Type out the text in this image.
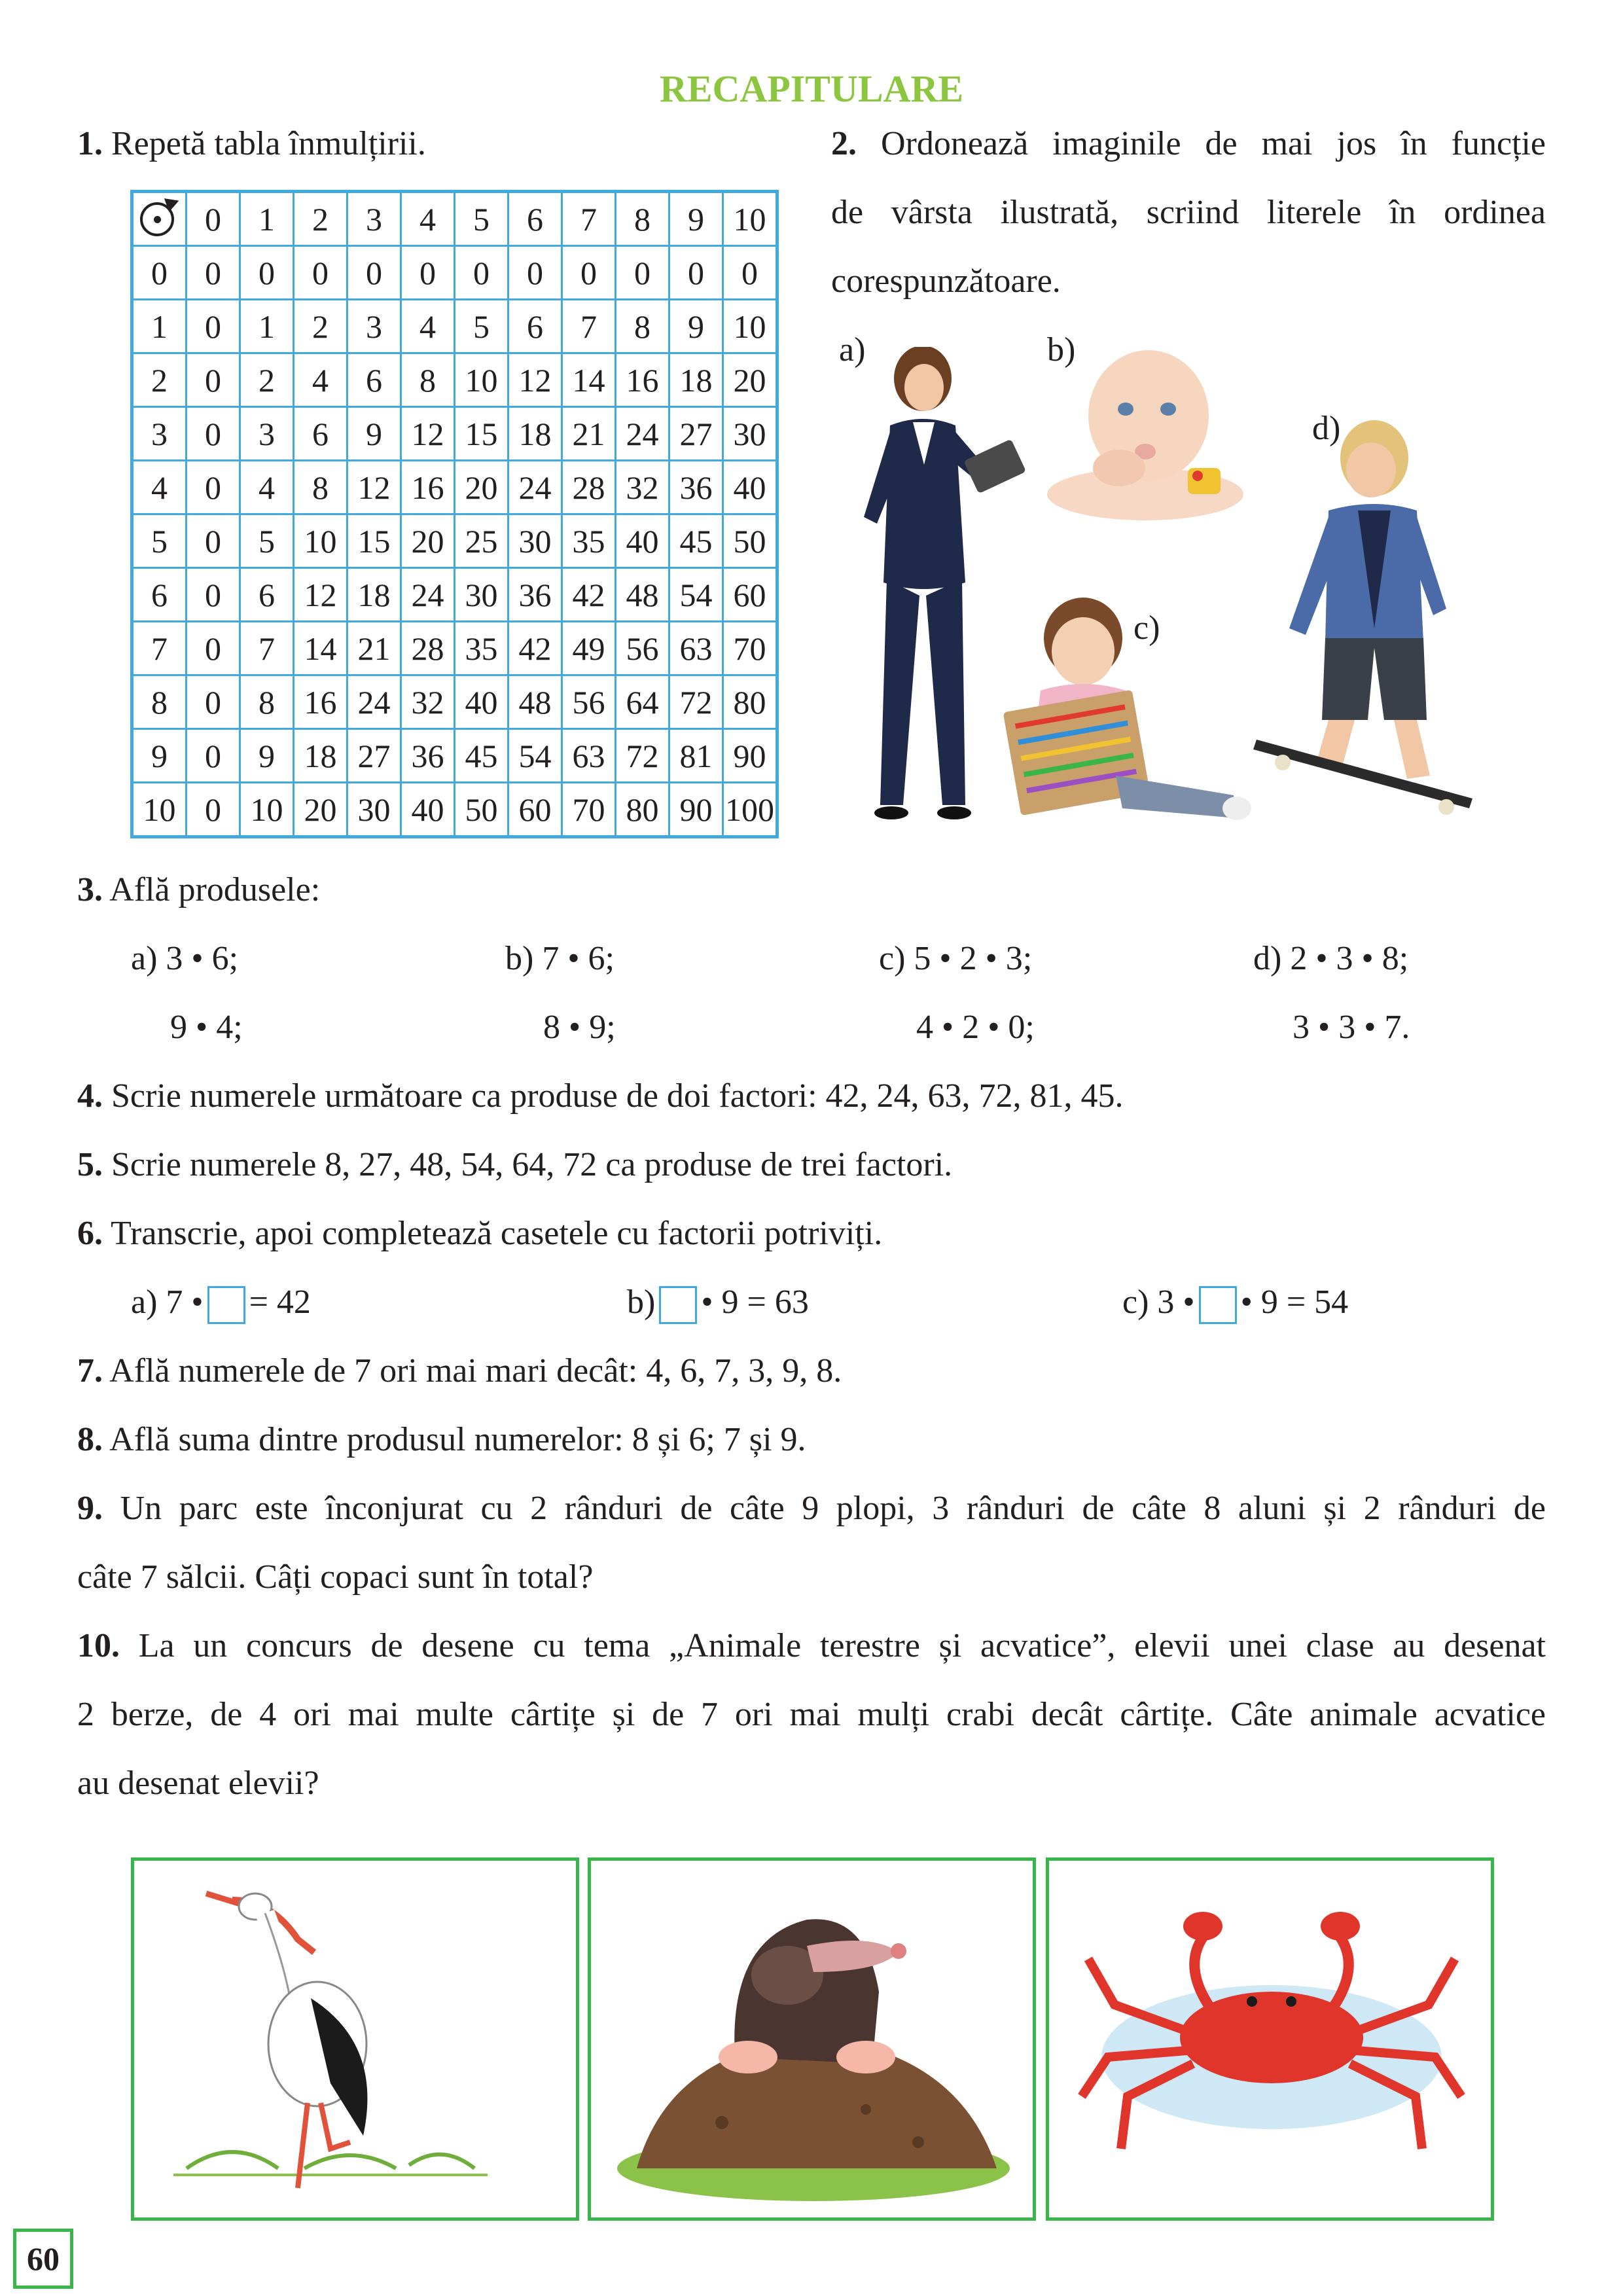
RECAPITULARE
1. Repetă tabla înmulțirii.
	0	1	2	3	4	5	6	7	8	9	10
0	0	0	0	0	0	0	0	0	0	0	0
1	0	1	2	3	4	5	6	7	8	9	10
2	0	2	4	6	8	10	12	14	16	18	20
3	0	3	6	9	12	15	18	21	24	27	30
4	0	4	8	12	16	20	24	28	32	36	40
5	0	5	10	15	20	25	30	35	40	45	50
6	0	6	12	18	24	30	36	42	48	54	60
7	0	7	14	21	28	35	42	49	56	63	70
8	0	8	16	24	32	40	48	56	64	72	80
9	0	9	18	27	36	45	54	63	72	81	90
10	0	10	20	30	40	50	60	70	80	90	100
2. Ordonează imaginile de mai jos în funcție
de vârsta ilustrată, scriind literele în ordinea
corespunzătoare.
a)	b)
c)
d)
3. Află produsele:
a) 3 • 6;	b) 7 • 6;	c) 5 • 2 • 3;	d) 2 • 3 • 8;
9 • 4;	8 • 9;	4 • 2 • 0;	3 • 3 • 7.
4. Scrie numerele următoare ca produse de doi factori: 42, 24, 63, 72, 81, 45.
5. Scrie numerele 8, 27, 48, 54, 64, 72 ca produse de trei factori.
6. Transcrie, apoi completează casetele cu factorii potriviți.
a) 7 • = 42	b) • 9 = 63	c) 3 • • 9 = 54
7. Află numerele de 7 ori mai mari decât: 4, 6, 7, 3, 9, 8.
8. Află suma dintre produsul numerelor: 8 și 6; 7 și 9.
9. Un parc este înconjurat cu 2 rânduri de câte 9 plopi, 3 rânduri de câte 8 aluni și 2 rânduri de
câte 7 sălcii. Câți copaci sunt în total?
10. La un concurs de desene cu tema „Animale terestre și acvatice”, elevii unei clase au desenat
2 berze, de 4 ori mai multe cârtițe și de 7 ori mai mulți crabi decât cârtițe. Câte animale acvatice
au desenat elevii?
60
